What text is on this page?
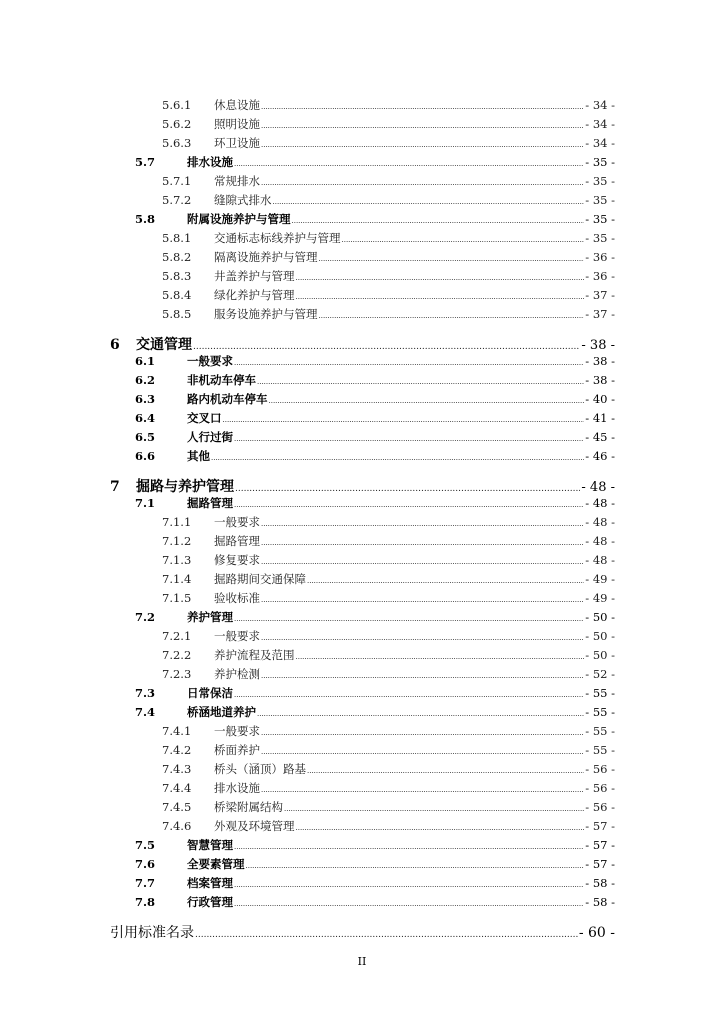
5.6.1	休息设施 .....	- 34 -
5.6.2	照明设施 .....	- 34 -
5.6.3	环卫设施 .....	- 34 -
5.7	排水设施 .....	- 35 -
5.7.1	常规排水 .....	- 35 -
5.7.2	缝隙式排水 .....	- 35 -
5.8	附属设施养护与管理 .....	- 35 -
5.8.1	交通标志标线养护与管理 .....	- 35 -
5.8.2	隔离设施养护与管理 .....	- 36 -
5.8.3	井盖养护与管理 .....	- 36 -
5.8.4	绿化养护与管理 .....	- 37 -
5.8.5	服务设施养护与管理 .....	- 37 -
6	交通管理 .....	- 38 -
6.1	一般要求 .....	- 38 -
6.2	非机动车停车 .....	- 38 -
6.3	路内机动车停车 .....	- 40 -
6.4	交叉口 .....	- 41 -
6.5	人行过街 .....	- 45 -
6.6	其他 .....	- 46 -
7	掘路与养护管理 .....	- 48 -
7.1	掘路管理 .....	- 48 -
7.1.1	一般要求 .....	- 48 -
7.1.2	掘路管理 .....	- 48 -
7.1.3	修复要求 .....	- 48 -
7.1.4	掘路期间交通保障 .....	- 49 -
7.1.5	验收标准 .....	- 49 -
7.2	养护管理 .....	- 50 -
7.2.1	一般要求 .....	- 50 -
7.2.2	养护流程及范围 .....	- 50 -
7.2.3	养护检测 .....	- 52 -
7.3	日常保洁 .....	- 55 -
7.4	桥涵地道养护 .....	- 55 -
7.4.1	一般要求 .....	- 55 -
7.4.2	桥面养护 .....	- 55 -
7.4.3	桥头（涵顶）路基 .....	- 56 -
7.4.4	排水设施 .....	- 56 -
7.4.5	桥梁附属结构 .....	- 56 -
7.4.6	外观及环境管理 .....	- 57 -
7.5	智慧管理 .....	- 57 -
7.6	全要素管理 .....	- 57 -
7.7	档案管理 .....	- 58 -
7.8	行政管理 .....	- 58 -
引用标准名录 .....	- 60 -
II
